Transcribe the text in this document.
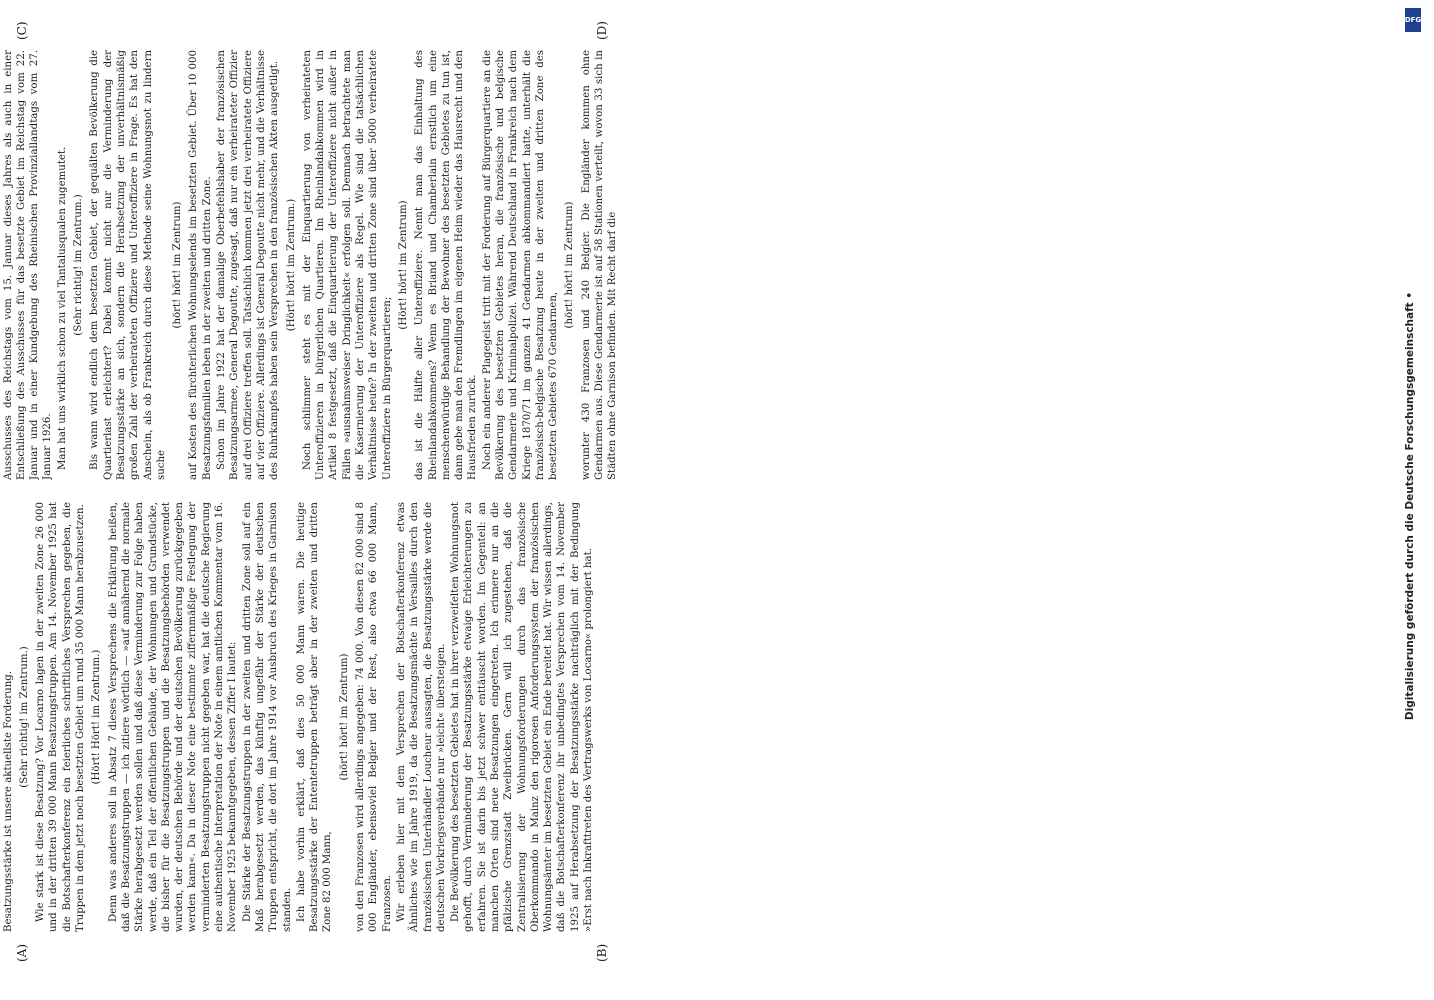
Besatzungsstärke ist unsere aktuellste Forderung. (Sehr richtig! im Zentrum.) Wie stark ist diese Besatzung? Vor Locarno lagen in der zweiten Zone 26 000 und in der dritten 39 000 Mann Besatzungstruppen. Am 14. November 1925 hat die Botschafterkonferenz ein feierliches schriftliches Versprechen gegeben, die Truppen in dem jetzt noch besetzten Gebiet um rund 35 000 Mann herabzusetzen. (Hört! Hört! im Zentrum.) Denn was anderes soll in Absatz 7 dieses Versprechens die Erklärung heißen, daß die Besatzungstruppen — ich zitiere wörtlich — »auf annähernd die normale Stärke herabgesetzt werden sollen und daß diese Verminderung zur Folge haben werde, daß ein Teil der öffentlichen Gebäude, der Wohnungen und Grundstücke, die bisher für die Besatzungstruppen und die Besatzungsbehörden verwendet wurden, der deutschen Behörde und der deutschen Bevölkerung zurückgegeben werden kann«. Da in dieser Note eine bestimmte ziffernmäßige Festlegung der verminderten Besatzungstruppen nicht gegeben war, hat die deutsche Regierung eine authentische Interpretation der Note in einem amtlichen Kommentar vom 16. November 1925 bekanntgegeben, dessen Ziffer I lautet: Die Stärke der Besatzungstruppen in der zweiten und dritten Zone soll auf ein Maß herabgesetzt werden, das künftig ungefähr der Stärke der deutschen Truppen entspricht, die dort im Jahre 1914 vor Ausbruch des Krieges in Garnison standen. Ich habe vorhin erklärt, daß dies 50 000 Mann waren. Die heutige Besatzungsstärke der Ententetruppen beträgt aber in der zweiten und dritten Zone 82 000 Mann,

(hört! hört! im Zentrum) von den Franzosen wird allerdings angegeben: 74 000. Von diesen 82 000 sind 8 000 Engländer, ebensoviel Belgier und der Rest, also etwa 66 000 Mann, Franzosen. Wir erleben hier mit dem Versprechen der Botschafterkonferenz etwas Ähnliches wie im Jahre 1919, da die Besatzungsmächte in Versailles durch den französischen Unterhändler Loucheur aussagten, die Besatzungsstärke werde die deutschen Vorkriegsverbände nur »leicht« übersteigen. Die Bevölkerung des besetzten Gebietes hat in ihrer verzweifelten Wohnungsnot gehofft, durch Verminderung der Besatzungsstärke etwaige Erleichterungen zu erfahren. Sie ist darin bis jetzt schwer enttäuscht worden. Im Gegenteil: an manchen Orten sind neue Besatzungen eingetreten. Ich erinnere nur an die pfälzische Grenzstadt Zweibrücken. Gern will ich zugestehen, daß die Zentralisierung der Wohnungsforderungen durch das französische Oberkommando in Mainz den rigorosen Anforderungssystem der französischen Wohnungsämter im besetzten Gebiet ein Ende bereitet hat. Wir wissen allerdings, daß die Botschafterkonferenz ihr unbedingtes Versprechen vom 14. November 1925 auf Herabsetzung der Besatzungsstärke nachträglich mit der Bedingung »Erst nach Inkrafttreten des Vertragswerks von Locarno« prolongiert hat.

Ausschusses des Reichstags vom 15. Januar dieses Jahres als auch in einer Entschließung des Ausschusses für das besetzte Gebiet im Reichstag vom 22. Januar und in einer Kundgebung des Rheinischen Provinziallandtags vom 27. Januar 1926. Man hat uns wirklich schon zu viel Tantalusqualen zugemutet. (Sehr richtig! im Zentrum.) Bis wann wird endlich dem besetzten Gebiet, der gequälten Bevölkerung die Quartierlast erleichtert? Dabei kommt nicht nur die Verminderung der Besatzungsstärke an sich, sondern die Herabsetzung der unverhältnismäßig großen Zahl der verheirateten Offiziere und Unteroffiziere in Frage. Es hat den Anschein, als ob Frankreich durch diese Methode seine Wohnungsnot zu lindern suche

(hört! hört! im Zentrum) auf Kosten des fürchterlichen Wohnungselends im besetzten Gebiet. Über 10 000 Besatzungsfamilien leben in der zweiten und dritten Zone. Schon im Jahre 1922 hat der damalige Oberbefehlshaber der französischen Besatzungsarmee, General Degoutte, zugesagt, daß nur ein verheirateter Offizier auf drei Offiziere treffen soll. Tatsächlich kommen jetzt drei verheiratete Offiziere auf vier Offiziere. Allerdings ist General Degoutte nicht mehr, und die Verhältnisse des Ruhrkampfes haben sein Versprechen in den französischen Akten ausgetilgt. (Hört! hört! im Zentrum.) Noch schlimmer steht es mit der Einquartierung von verheirateten Unteroffizieren in bürgerlichen Quartieren. Im Rheinlandabkommen wird in Artikel 8 festgesetzt, daß die Einquartierung der Unteroffiziere nicht außer in Fällen »ausnahmsweiser Dringlichkeit« erfolgen soll. Demnach betrachtete man die Kasernierung der Unteroffiziere als Regel. Wie sind die tatsächlichen Verhältnisse heute? In der zweiten und dritten Zone sind über 5000 verheiratete Unteroffiziere in Bürgerquartieren;

(Hört! hört! im Zentrum) das ist die Hälfte aller Unteroffiziere. Nennt man das Einhaltung des Rheinlandabkommens? Wenn es Briand und Chamberlain ernstlich um eine menschenwürdige Behandlung der Bewohner des besetzten Gebietes zu tun ist, dann gebe man den Fremdlingen im eigenen Heim wieder das Hausrecht und den Hausfrieden zurück. Noch ein anderer Plagegeist tritt mit der Forderung auf Bürgerquartiere an die Bevölkerung des besetzten Gebietes heran, die französische und belgische Gendarmerie und Kriminalpolizei. Während Deutschland in Frankreich nach dem Kriege 1870/71 im ganzen 41 Gendarmen abkommandiert hatte, unterhält die französisch-belgische Besatzung heute in der zweiten und dritten Zone des besetzten Gebietes 670 Gendarmen,

(hört! hört! im Zentrum) worunter 430 Franzosen und 240 Belgier. Die Engländer kommen ohne Gendarmen aus. Diese Gendarmerie ist auf 58 Stationen verteilt, wovon 33 sich in Städten ohne Garnison befinden. Mit Recht darf die

(A)	(B)
(C)	(D)
DFG
Digitalisierung gefördert durch die Deutsche Forschungsgemeinschaft •
